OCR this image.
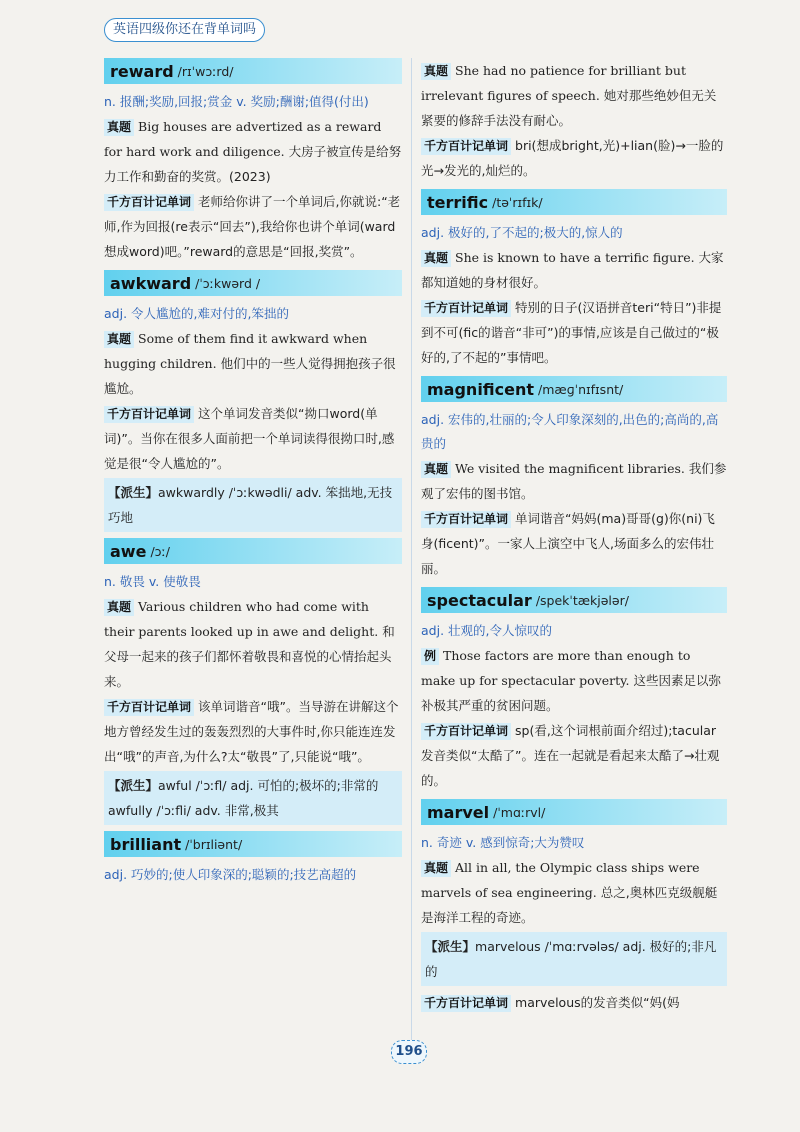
英语四级你还在背单词吗
reward /rɪˈwɔːrd/
n. 报酬;奖励,回报;赏金 v. 奖励;酬谢;值得(付出)

真题 Big houses are advertized as a reward for hard work and diligence. 大房子被宣传是给努力工作和勤奋的奖赏。(2023)

千方百计记单词 老师给你讲了一个单词后,你就说:“老师,作为回报(re表示“回去”),我给你也讲个单词(ward想成word)吧。”reward的意思是“回报,奖赏”。

awkward /ˈɔːkwərd /
adj. 令人尴尬的,难对付的,笨拙的

真题 Some of them find it awkward when hugging children. 他们中的一些人觉得拥抱孩子很尴尬。

千方百计记单词 这个单词发音类似“拗口word(单词)”。当你在很多人面前把一个单词读得很拗口时,感觉是很“令人尴尬的”。

【派生】awkwardly /ˈɔːkwədli/ adv. 笨拙地,无技巧地
awe /ɔː/
n. 敬畏 v. 使敬畏

真题 Various children who had come with their parents looked up in awe and delight. 和父母一起来的孩子们都怀着敬畏和喜悦的心情抬起头来。

千方百计记单词 该单词谐音“哦”。当导游在讲解这个地方曾经发生过的轰轰烈烈的大事件时,你只能连连发出“哦”的声音,为什么?太“敬畏”了,只能说“哦”。

【派生】awful /ˈɔːfl/ adj. 可怕的;极坏的;非常的
awfully /ˈɔːfli/ adv. 非常,极其
brilliant /ˈbrɪliənt/
adj. 巧妙的;使人印象深的;聪颖的;技艺高超的

真题 She had no patience for brilliant but irrelevant figures of speech. 她对那些绝妙但无关紧要的修辞手法没有耐心。

千方百计记单词 bri(想成bright,光)+lian(脸)→一脸的光→发光的,灿烂的。

terrific /təˈrɪfɪk/
adj. 极好的,了不起的;极大的,惊人的

真题 She is known to have a terrific figure. 大家都知道她的身材很好。

千方百计记单词 特别的日子(汉语拼音teri“特日”)非提到不可(fic的谐音“非可”)的事情,应该是自己做过的“极好的,了不起的”事情吧。

magnificent /mæɡˈnɪfɪsnt/
adj. 宏伟的,壮丽的;令人印象深刻的,出色的;高尚的,高贵的

真题 We visited the magnificent libraries. 我们参观了宏伟的图书馆。

千方百计记单词 单词谐音“妈妈(ma)哥哥(g)你(ni)飞身(ficent)”。一家人上演空中飞人,场面多么的宏伟壮丽。

spectacular /spekˈtækjələr/
adj. 壮观的,令人惊叹的

例 Those factors are more than enough to make up for spectacular poverty. 这些因素足以弥补极其严重的贫困问题。

千方百计记单词 sp(看,这个词根前面介绍过);tacular发音类似“太酷了”。连在一起就是看起来太酷了→壮观的。

marvel /ˈmɑːrvl/
n. 奇迹 v. 感到惊奇;大为赞叹

真题 All in all, the Olympic class ships were marvels of sea engineering. 总之,奥林匹克级舰艇是海洋工程的奇迹。

【派生】marvelous /ˈmɑːrvələs/ adj. 极好的;非凡的

千方百计记单词 marvelous的发音类似“妈(妈

196
